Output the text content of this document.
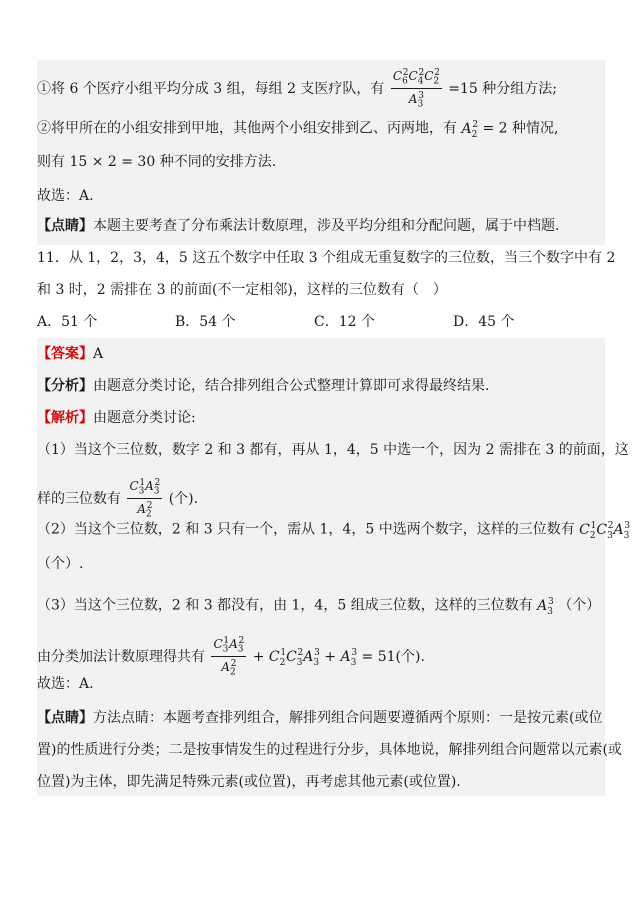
①将 6 个医疗小组平均分成 3 组，每组 2 支医疗队，有 $\frac{C_6^2C_4^2C_2^2}{A_3^3} =15$ 种分组方法;
②将甲所在的小组安排到甲地，其他两个小组安排到乙、丙两地，有 $A_2^2 = 2$ 种情况,
则有 15 × 2 = 30 种不同的安排方法.
故选：A.
【点睛】本题主要考查了分布乘法计数原理，涉及平均分组和分配问题，属于中档题.
11．从 1，2，3，4，5 这五个数字中任取 3 个组成无重复数字的三位数，当三个数字中有 2
和 3 时，2 需排在 3 的前面(不一定相邻)，这样的三位数有（　）
A．51 个	B．54 个	C．12 个	D．45 个
【答案】A
【分析】由题意分类讨论，结合排列组合公式整理计算即可求得最终结果.
【解析】由题意分类讨论:
（1）当这个三位数，数字 2 和 3 都有，再从 1，4，5 中选一个，因为 2 需排在 3 的前面，这
样的三位数有 $\frac{C_3^1A_3^2}{A_2^2}$ (个).
（2）当这个三位数，2 和 3 只有一个，需从 1，4，5 中选两个数字，这样的三位数有 $C_2^1C_3^2A_3^3$
（个）.
（3）当这个三位数，2 和 3 都没有，由 1，4，5 组成三位数，这样的三位数有 $A_3^3$ （个）
由分类加法计数原理得共有 $\frac{C_3^1A_3^2}{A_2^2} + C_2^1C_3^2A_3^3 + A_3^3 = 51$(个).
故选：A.
【点睛】方法点睛：本题考查排列组合，解排列组合问题要遵循两个原则：一是按元素(或位
置)的性质进行分类；二是按事情发生的过程进行分步，具体地说，解排列组合问题常以元素(或
位置)为主体，即先满足特殊元素(或位置)，再考虑其他元素(或位置).
